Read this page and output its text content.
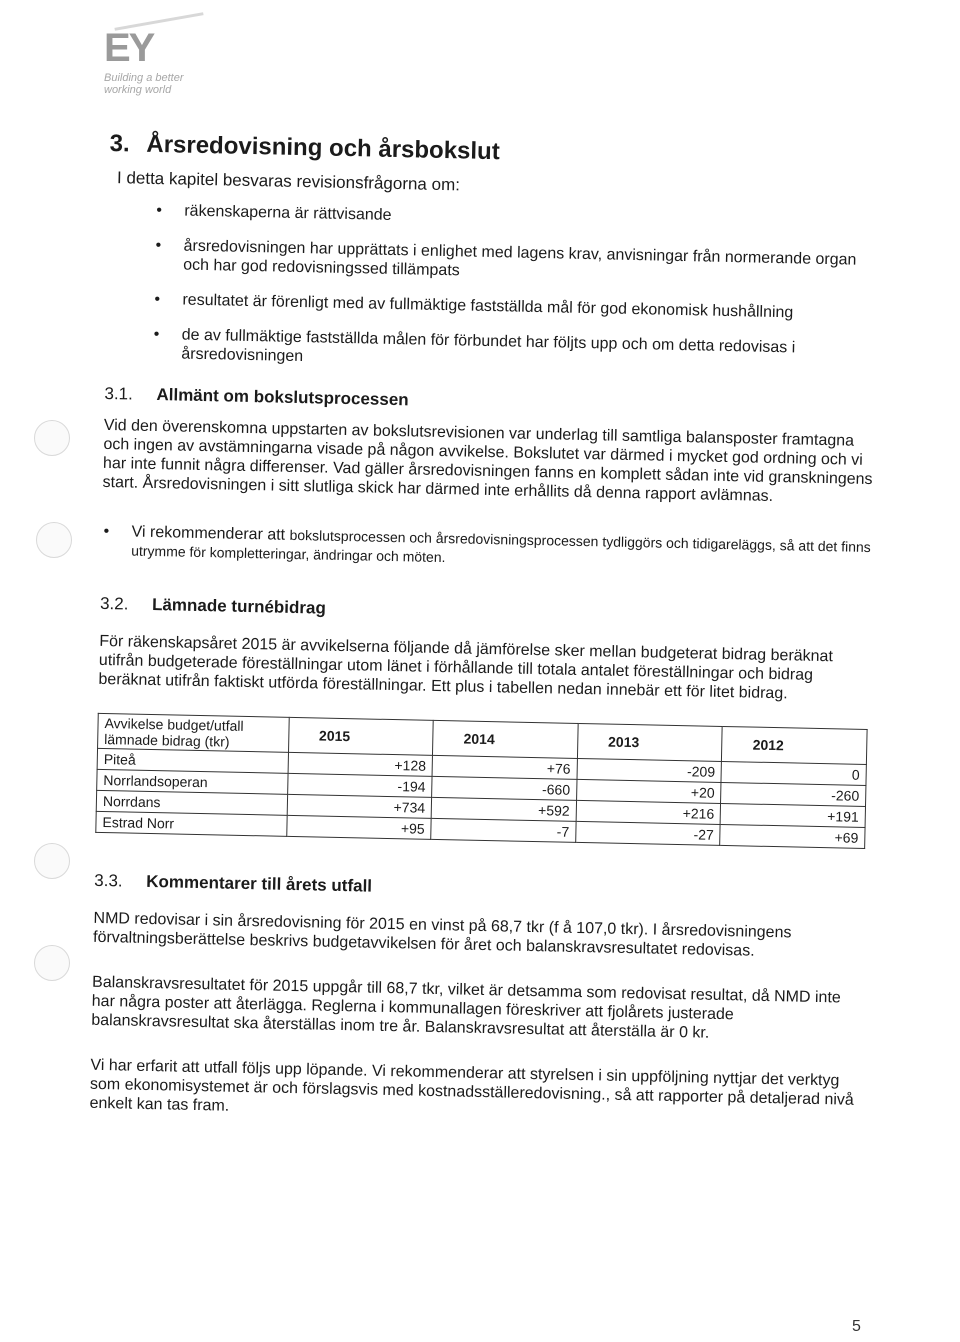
EY
Building a better
working world
3. Årsredovisning och årsbokslut
I detta kapitel besvaras revisionsfrågorna om:
• räkenskaperna är rättvisande
• årsredovisningen har upprättats i enlighet med lagens krav, anvisningar från normerande organ och har god redovisningssed tillämpats
• resultatet är förenligt med av fullmäktige fastställda mål för god ekonomisk hushållning
• de av fullmäktige fastställda målen för förbundet har följts upp och om detta redovisas i årsredovisningen
3.1. Allmänt om bokslutsprocessen

Vid den överenskomna uppstarten av bokslutsrevisionen var underlag till samtliga balansposter framtagna och ingen av avstämningarna visade på någon avvikelse. Bokslutet var därmed i mycket god ordning och vi har inte funnit några differenser. Vad gäller årsredovisningen fanns en komplett sådan inte vid granskningens start. Årsredovisningen i sitt slutliga skick har därmed inte erhållits då denna rapport avlämnas.

• Vi rekommenderar att bokslutsprocessen och årsredovisningsprocessen tydliggörs och tidigareläggs, så att det finns utrymme för kompletteringar, ändringar och möten.
3.2. Lämnade turnébidrag

För räkenskapsåret 2015 är avvikelserna följande då jämförelse sker mellan budgeterat bidrag beräknat utifrån budgeterade föreställningar utom länet i förhållande till totala antalet föreställningar och bidrag beräknat utifrån faktiskt utförda föreställningar. Ett plus i tabellen nedan innebär ett för litet bidrag.

Avvikelse budget/utfall lämnade bidrag (tkr)	2015	2014	2013	2012
Piteå	+128	+76	-209	0
Norrlandsoperan	-194	-660	+20	-260
Norrdans	+734	+592	+216	+191
Estrad Norr	+95	-7	-27	+69
3.3. Kommentarer till årets utfall

NMD redovisar i sin årsredovisning för 2015 en vinst på 68,7 tkr (f å 107,0 tkr). I årsredovisningens förvaltningsberättelse beskrivs budgetavvikelsen för året och balanskravsresultatet redovisas.

Balanskravsresultatet för 2015 uppgår till 68,7 tkr, vilket är detsamma som redovisat resultat, då NMD inte har några poster att återlägga. Reglerna i kommunallagen föreskriver att fjolårets justerade balanskravsresultat ska återställas inom tre år. Balanskravsresultat att återställa är 0 kr.

Vi har erfarit att utfall följs upp löpande. Vi rekommenderar att styrelsen i sin uppföljning nyttjar det verktyg som ekonomisystemet är och förslagsvis med kostnadsställeredovisning., så att rapporter på detaljerad nivå enkelt kan tas fram.

5
